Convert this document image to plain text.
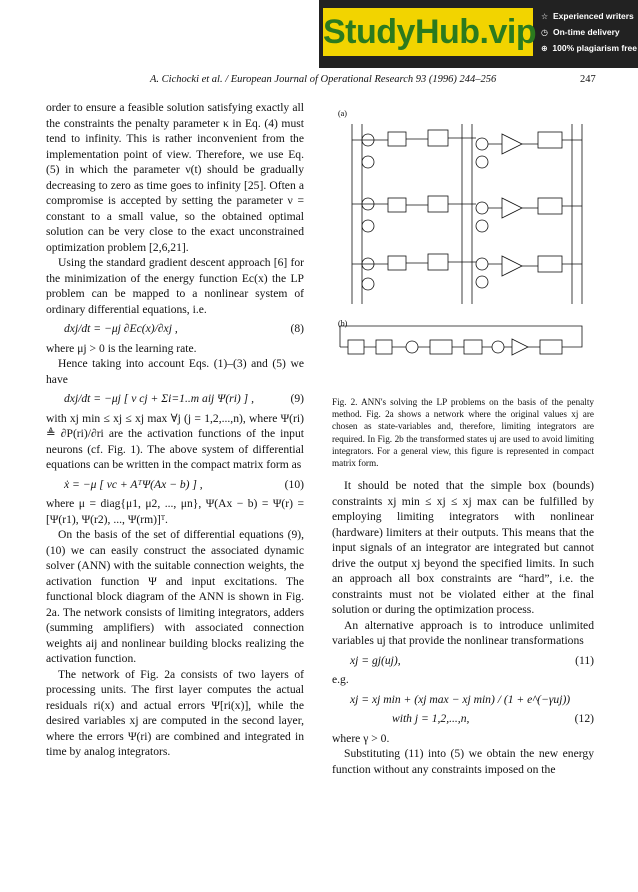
StudyHub.vip ☆ Experienced writers
◷ On-time delivery
⊕ 100% plagiarism free
A. Cichocki et al. / European Journal of Operational Research 93 (1996) 244–256	247

order to ensure a feasible solution satisfying exactly all the constraints the penalty parameter κ in Eq. (4) must tend to infinity. This is rather inconvenient from the implementation point of view. Therefore, we use Eq. (5) in which the parameter ν(t) should be gradually decreasing to zero as time goes to infinity [25]. Often a compromise is accepted by setting the parameter ν = constant to a small value, so the obtained optimal solution can be very close to the exact unconstrained optimization problem [2,6,21].

Using the standard gradient descent approach [6] for the minimization of the energy function Ec(x) the LP problem can be mapped to a nonlinear system of ordinary differential equations, i.e.

dxj/dt = −μj ∂Ec(x)/∂xj ,	(8)

where μj > 0 is the learning rate.

Hence taking into account Eqs. (1)–(3) and (5) we have

dxj/dt = −μj [ ν cj + Σi=1..m aij Ψ(ri) ] ,	(9)

with xj min ≤ xj ≤ xj max ∀j (j = 1,2,...,n), where Ψ(ri) ≜ ∂P(ri)/∂ri are the activation functions of the input neurons (cf. Fig. 1). The above system of differential equations can be written in the compact matrix form as

ẋ = −μ [ νc + AᵀΨ(Ax − b) ] ,	(10)

where μ = diag{μ1, μ2, ..., μn}, Ψ(Ax − b) = Ψ(r) = [Ψ(r1), Ψ(r2), ..., Ψ(rm)]ᵀ.

On the basis of the set of differential equations (9), (10) we can easily construct the associated dynamic solver (ANN) with the suitable connection weights, the activation function Ψ and input excitations. The functional block diagram of the ANN is shown in Fig. 2a. The network consists of limiting integrators, adders (summing amplifiers) with associated connection weights aij and nonlinear building blocks realizing the activation function.

The network of Fig. 2a consists of two layers of processing units. The first layer computes the actual residuals ri(x) and actual errors Ψ[ri(x)], while the desired variables xj are computed in the second layer, where the errors Ψ(ri) are combined and integrated in time by analog integrators.

(a)
(b)
Fig. 2. ANN's solving the LP problems on the basis of the penalty method. Fig. 2a shows a network where the original values xj are chosen as state-variables and, therefore, limiting integrators are required. In Fig. 2b the transformed states uj are used to avoid limiting integrators. For a general view, this figure is represented in compact matrix form.

It should be noted that the simple box (bounds) constraints xj min ≤ xj ≤ xj max can be fulfilled by employing limiting integrators with nonlinear (hardware) limiters at their outputs. This means that the input signals of an integrator are integrated but cannot drive the output xj beyond the specified limits. In such an approach all box constraints are “hard”, i.e. the constraints must not be violated either at the final solution or during the optimization process.

An alternative approach is to introduce unlimited variables uj that provide the nonlinear transformations

xj = gj(uj),	(11)

e.g.

xj = xj min + (xj max − xj min) / (1 + e^(−γuj))
with j = 1,2,...,n,	(12)

where γ > 0.

Substituting (11) into (5) we obtain the new energy function without any constraints imposed on the
